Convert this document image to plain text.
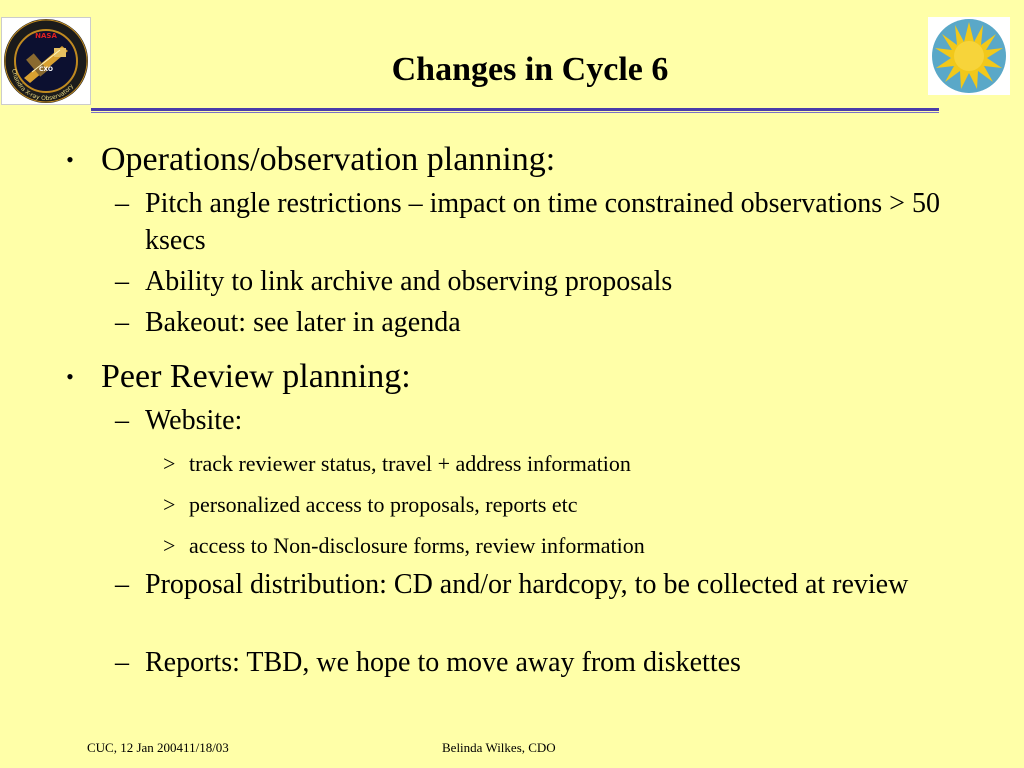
NASA
CXO
Chandra X-ray Observatory	Changes in Cycle 6
• Operations/observation planning:
– Pitch angle restrictions – impact on time constrained observations > 50 ksecs
– Ability to link archive and observing proposals
– Bakeout: see later in agenda
• Peer Review planning:
– Website:
> track reviewer status, travel + address information
> personalized access to proposals, reports etc
> access to Non-disclosure forms, review information
– Proposal distribution: CD and/or hardcopy, to be collected at review
– Reports: TBD, we hope to move away from diskettes
CUC, 12 Jan 200411/18/03	Belinda Wilkes, CDO
